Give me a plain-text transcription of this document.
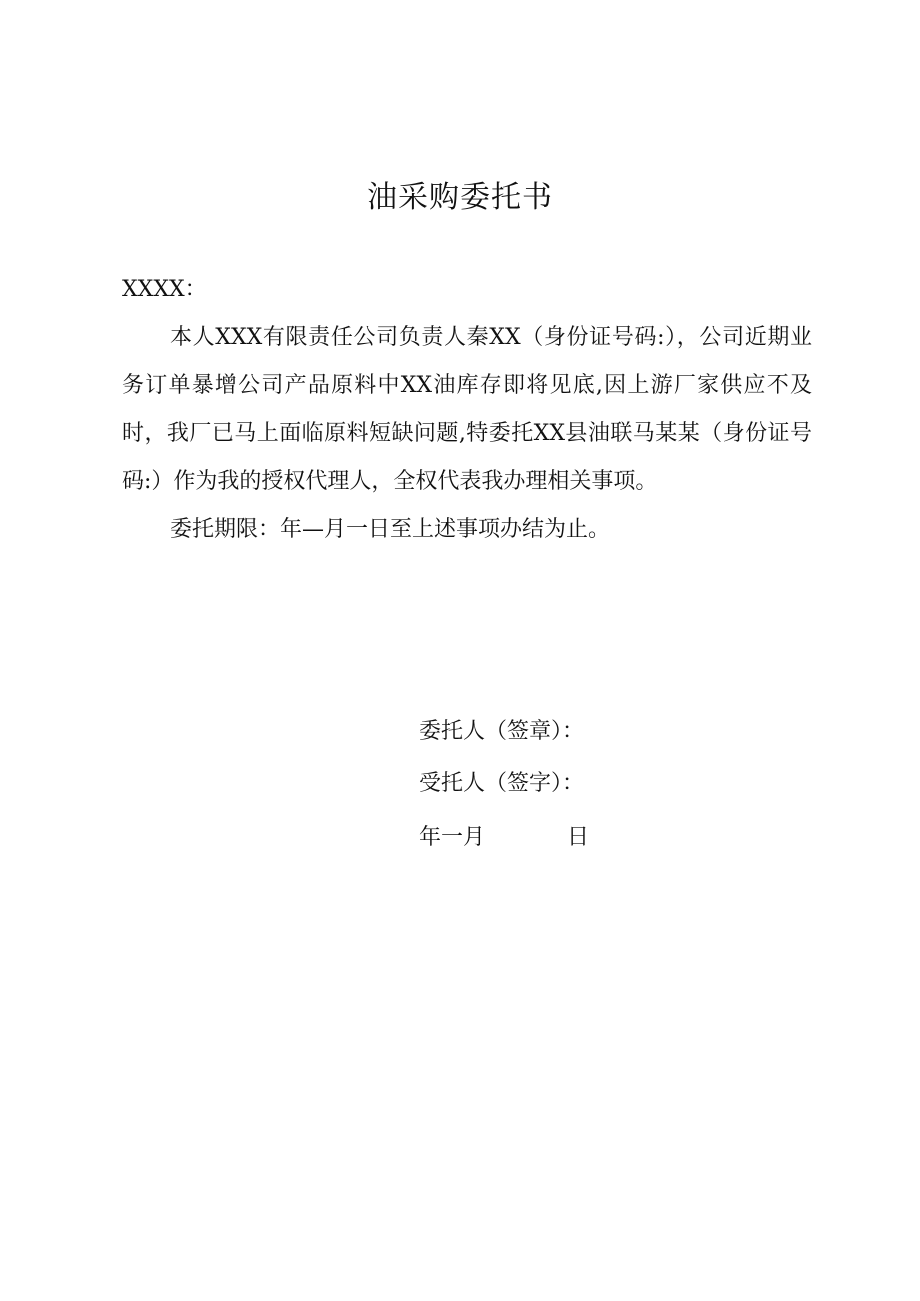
油采购委托书
XXXX：
本人XXX有限责任公司负责人秦XX（身份证号码:），公司近期业务订单暴增公司产品原料中XX油库存即将见底,因上游厂家供应不及时，我厂已马上面临原料短缺问题,特委托XX县油联马某某（身份证号码:）作为我的授权代理人，全权代表我办理相关事项。
委托期限：年—月一日至上述事项办结为止。
委托人（签章）：
受托人（签字）：
年一月	日
